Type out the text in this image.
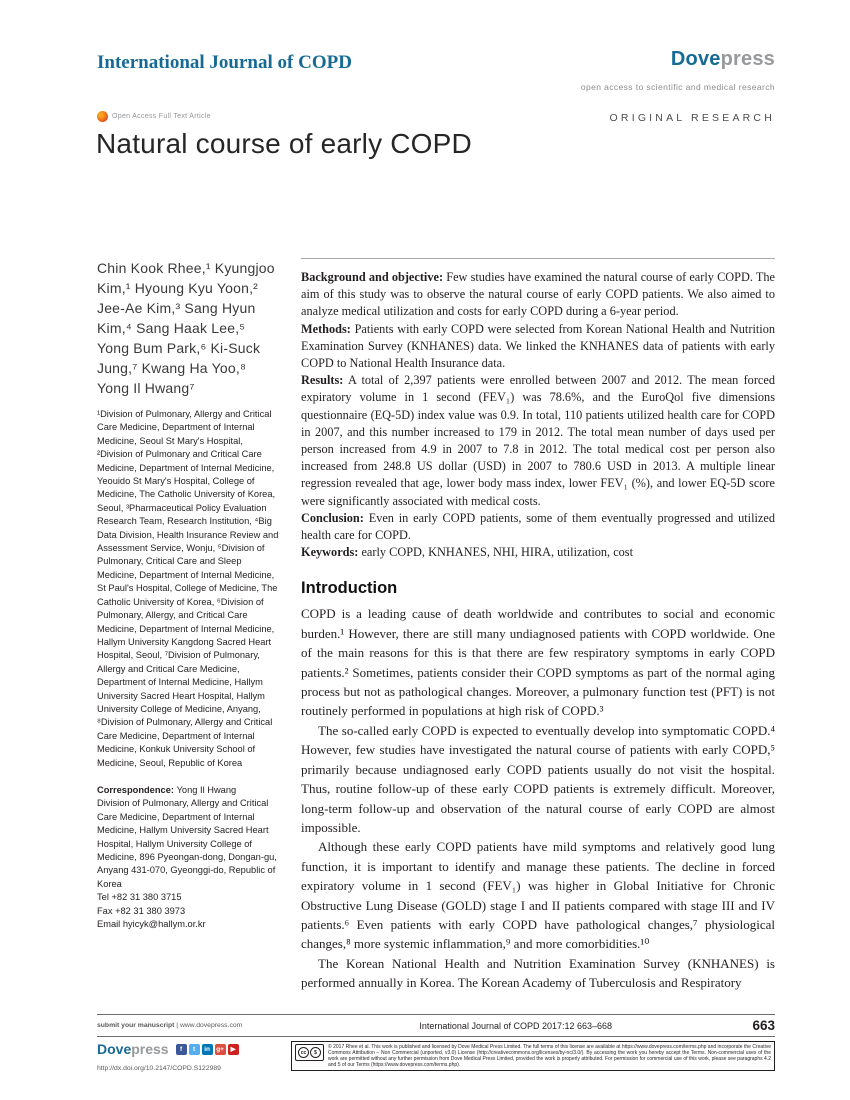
International Journal of COPD	Dovepress
open access to scientific and medical research
Open Access Full Text Article	ORIGINAL RESEARCH
Natural course of early COPD
Chin Kook Rhee,¹ Kyungjoo Kim,¹ Hyoung Kyu Yoon,² Jee-Ae Kim,³ Sang Hyun Kim,⁴ Sang Haak Lee,⁵ Yong Bum Park,⁶ Ki-Suck Jung,⁷ Kwang Ha Yoo,⁸ Yong Il Hwang⁷
¹Division of Pulmonary, Allergy and Critical Care Medicine, Department of Internal Medicine, Seoul St Mary's Hospital, ²Division of Pulmonary and Critical Care Medicine, Department of Internal Medicine, Yeouido St Mary's Hospital, College of Medicine, The Catholic University of Korea, Seoul, ³Pharmaceutical Policy Evaluation Research Team, Research Institution, ⁴Big Data Division, Health Insurance Review and Assessment Service, Wonju, ⁵Division of Pulmonary, Critical Care and Sleep Medicine, Department of Internal Medicine, St Paul's Hospital, College of Medicine, The Catholic University of Korea, ⁶Division of Pulmonary, Allergy, and Critical Care Medicine, Department of Internal Medicine, Hallym University Kangdong Sacred Heart Hospital, Seoul, ⁷Division of Pulmonary, Allergy and Critical Care Medicine, Department of Internal Medicine, Hallym University Sacred Heart Hospital, Hallym University College of Medicine, Anyang, ⁸Division of Pulmonary, Allergy and Critical Care Medicine, Department of Internal Medicine, Konkuk University School of Medicine, Seoul, Republic of Korea
Correspondence: Yong Il Hwang
Division of Pulmonary, Allergy and Critical Care Medicine, Department of Internal Medicine, Hallym University Sacred Heart Hospital, Hallym University College of Medicine, 896 Pyeongan-dong, Dongan-gu, Anyang 431-070, Gyeonggi-do, Republic of Korea
Tel +82 31 380 3715
Fax +82 31 380 3973
Email hyicyk@hallym.or.kr

Background and objective: Few studies have examined the natural course of early COPD. The aim of this study was to observe the natural course of early COPD patients. We also aimed to analyze medical utilization and costs for early COPD during a 6-year period.

Methods: Patients with early COPD were selected from Korean National Health and Nutrition Examination Survey (KNHANES) data. We linked the KNHANES data of patients with early COPD to National Health Insurance data.

Results: A total of 2,397 patients were enrolled between 2007 and 2012. The mean forced expiratory volume in 1 second (FEV₁) was 78.6%, and the EuroQol five dimensions questionnaire (EQ-5D) index value was 0.9. In total, 110 patients utilized health care for COPD in 2007, and this number increased to 179 in 2012. The total mean number of days used per person increased from 4.9 in 2007 to 7.8 in 2012. The total medical cost per person also increased from 248.8 US dollar (USD) in 2007 to 780.6 USD in 2013. A multiple linear regression revealed that age, lower body mass index, lower FEV₁ (%), and lower EQ-5D score were significantly associated with medical costs.

Conclusion: Even in early COPD patients, some of them eventually progressed and utilized health care for COPD.

Keywords: early COPD, KNHANES, NHI, HIRA, utilization, cost

Introduction

COPD is a leading cause of death worldwide and contributes to social and economic burden.¹ However, there are still many undiagnosed patients with COPD worldwide. One of the main reasons for this is that there are few respiratory symptoms in early COPD patients.² Sometimes, patients consider their COPD symptoms as part of the normal aging process but not as pathological changes. Moreover, a pulmonary function test (PFT) is not routinely performed in populations at high risk of COPD.³

The so-called early COPD is expected to eventually develop into symptomatic COPD.⁴ However, few studies have investigated the natural course of patients with early COPD,⁵ primarily because undiagnosed early COPD patients usually do not visit the hospital. Thus, routine follow-up of these early COPD patients is extremely difficult. Moreover, long-term follow-up and observation of the natural course of early COPD are almost impossible.

Although these early COPD patients have mild symptoms and relatively good lung function, it is important to identify and manage these patients. The decline in forced expiratory volume in 1 second (FEV₁) was higher in Global Initiative for Chronic Obstructive Lung Disease (GOLD) stage I and II patients compared with stage III and IV patients.⁶ Even patients with early COPD have pathological changes,⁷ physiological changes,⁸ more systemic inflammation,⁹ and more comorbidities.¹⁰

The Korean National Health and Nutrition Examination Survey (KNHANES) is performed annually in Korea. The Korean Academy of Tuberculosis and Respiratory

submit your manuscript | www.dovepress.com	International Journal of COPD 2017:12 663–668	663
Dovepress	f	t	in g+	▶
http://dx.doi.org/10.2147/COPD.S122989
cc	$
© 2017 Rhee et al. This work is published and licensed by Dove Medical Press Limited. The full terms of this license are available at https://www.dovepress.com/terms.php and incorporate the Creative Commons Attribution – Non Commercial (unported, v3.0) License (http://creativecommons.org/licenses/by-nc/3.0/). By accessing the work you hereby accept the Terms. Non-commercial uses of the work are permitted without any further permission from Dove Medical Press Limited, provided the work is properly attributed. For permission for commercial use of this work, please see paragraphs 4.2 and 5 of our Terms (https://www.dovepress.com/terms.php).
